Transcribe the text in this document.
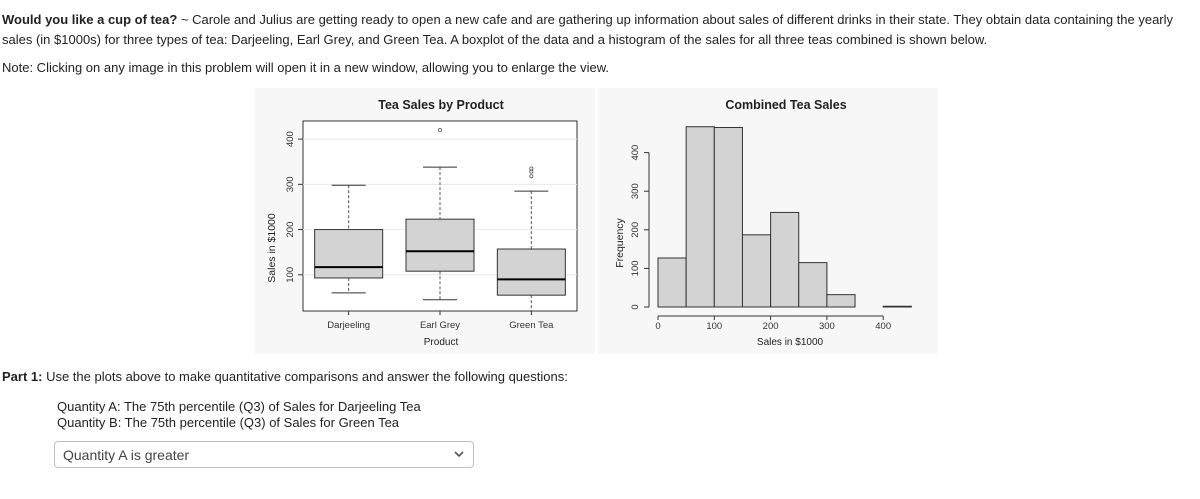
Would you like a cup of tea? ~ Carole and Julius are getting ready to open a new cafe and are gathering up information about sales of different drinks in their state. They obtain data containing the yearly sales (in $1000s) for three types of tea: Darjeeling, Earl Grey, and Green Tea. A boxplot of the data and a histogram of the sales for all three teas combined is shown below.
Note: Clicking on any image in this problem will open it in a new window, allowing you to enlarge the view.
Tea Sales by Product
Sales in $1000
Product
100
200
300
400
Darjeeling	Earl Grey	Green Tea
Combined Tea Sales
Frequency
Sales in $1000
0	100	200	300	400
0
100
200
300
400
Part 1: Use the plots above to make quantitative comparisons and answer the following questions:
Quantity A: The 75th percentile (Q3) of Sales for Darjeeling Tea
Quantity B: The 75th percentile (Q3) of Sales for Green Tea
Quantity A is greater
